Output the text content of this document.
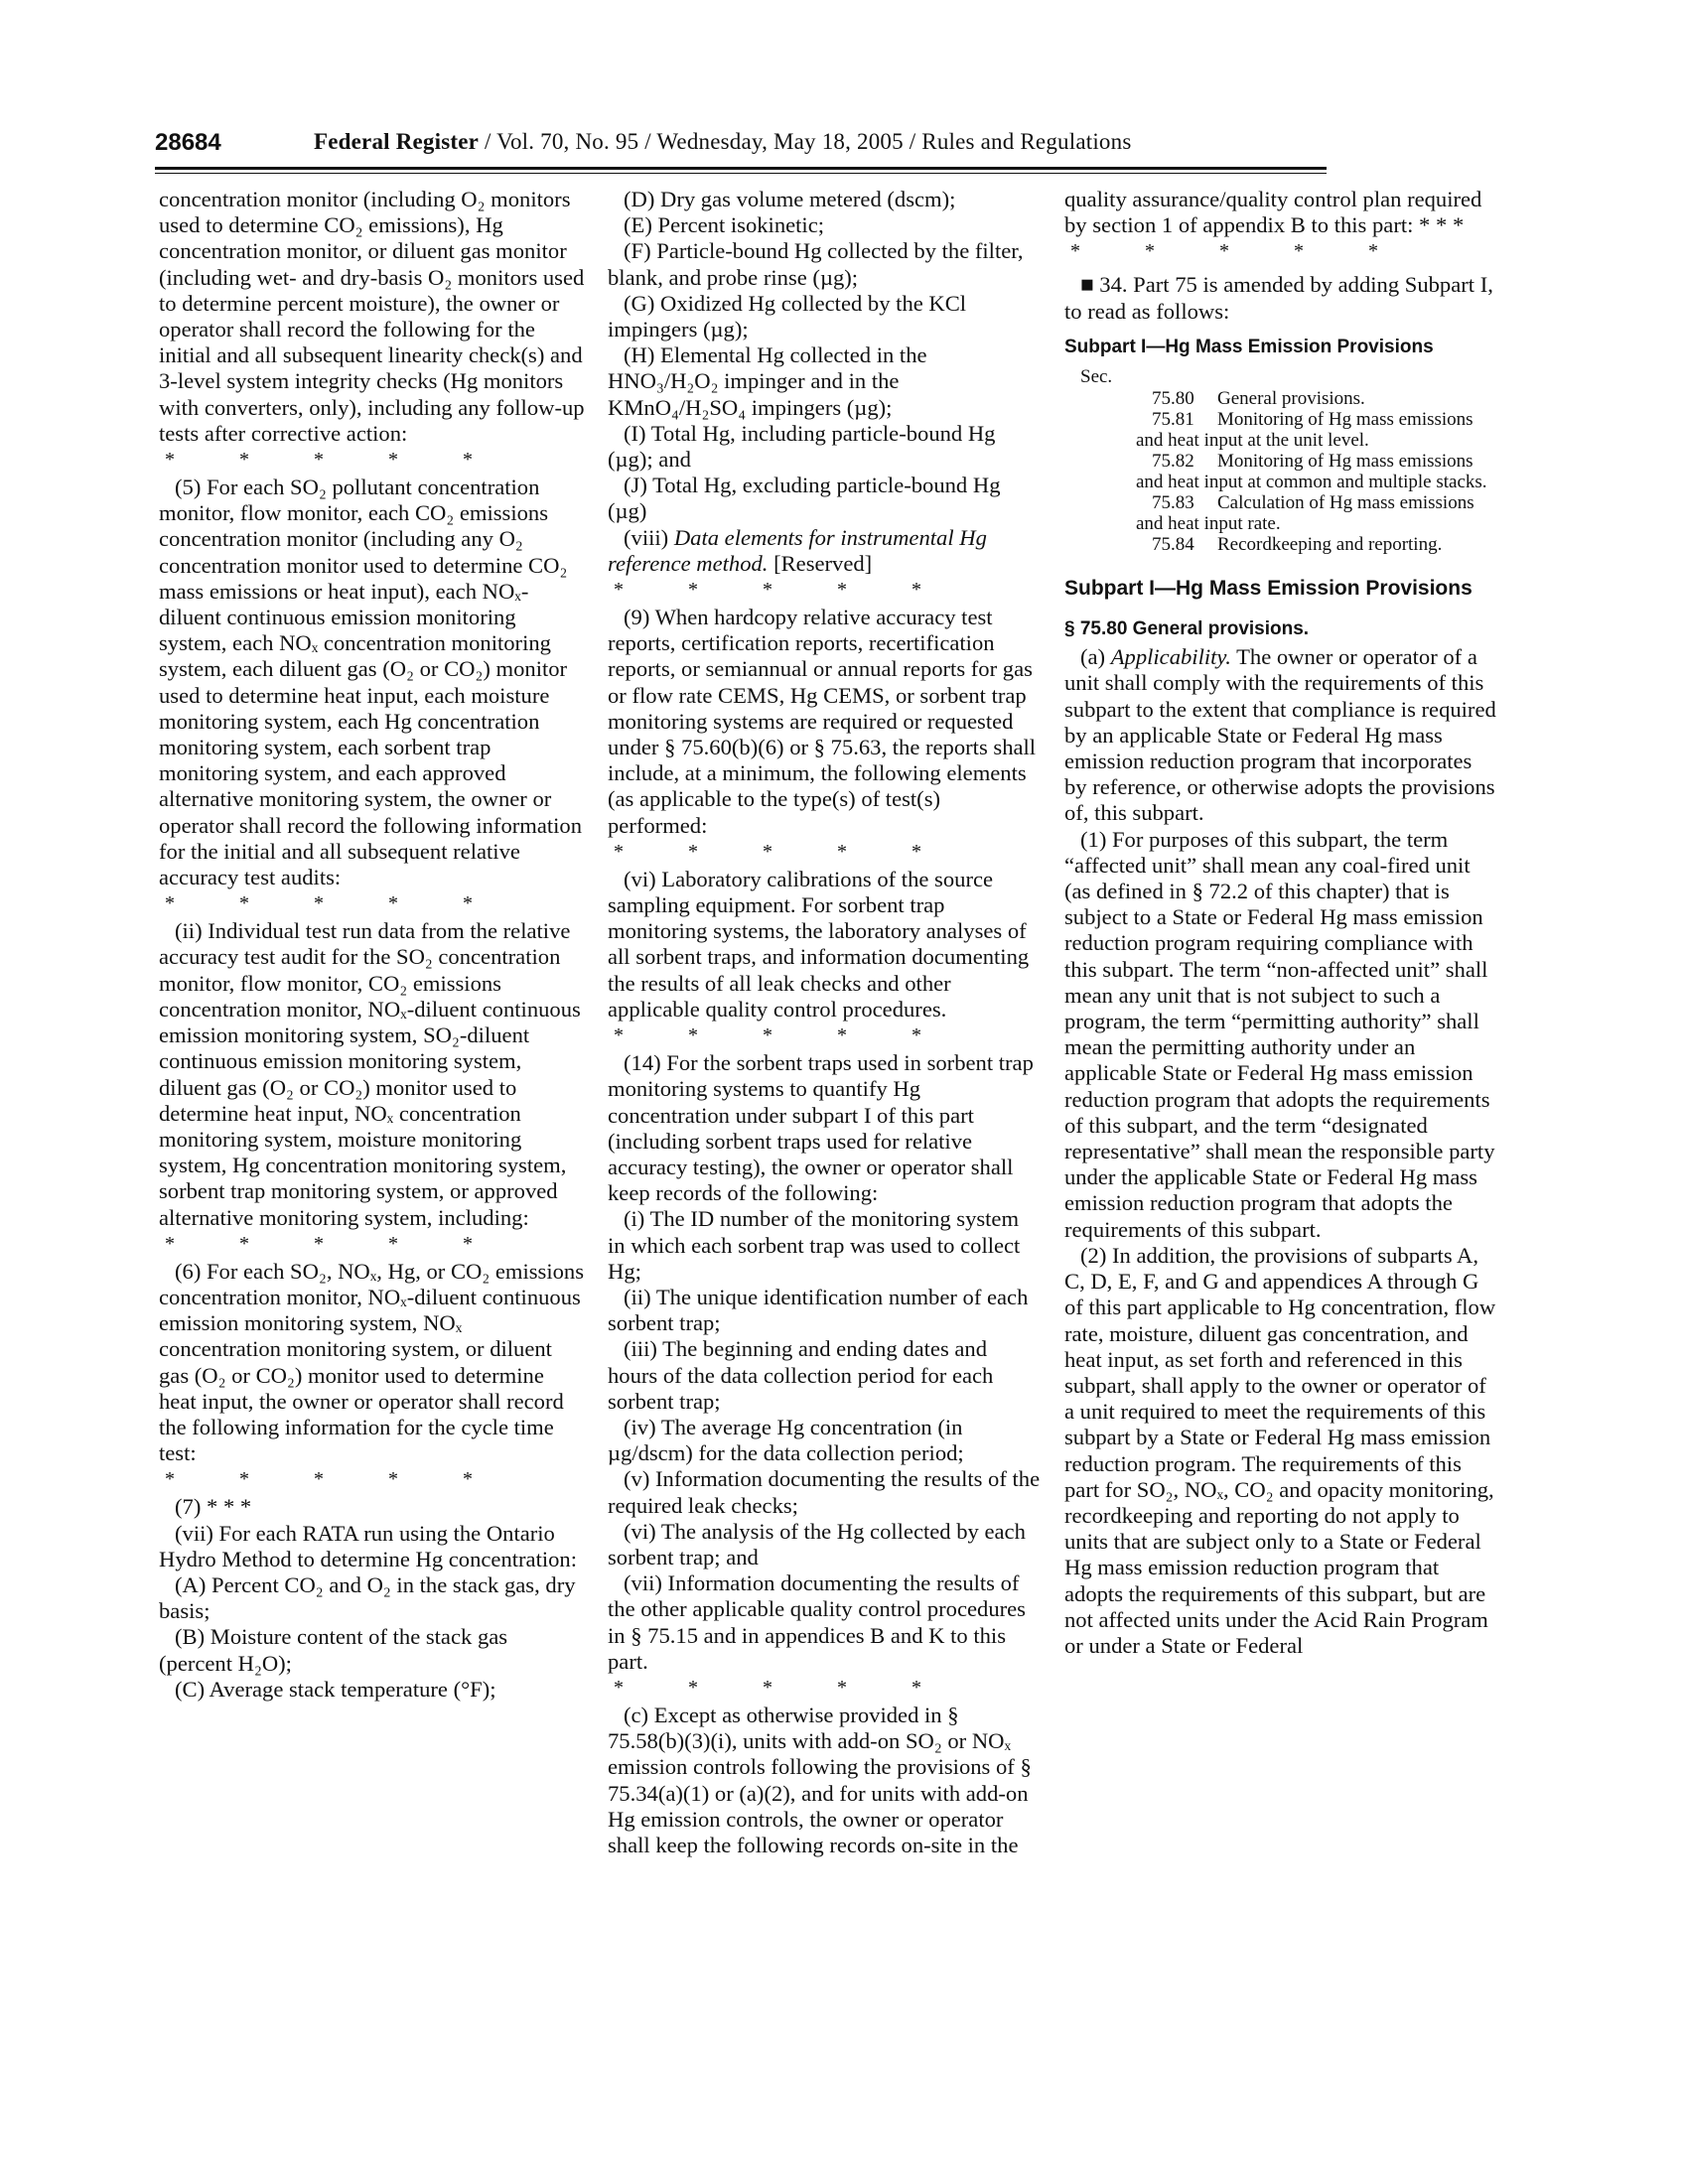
28684	Federal Register / Vol. 70, No. 95 / Wednesday, May 18, 2005 / Rules and Regulations

concentration monitor (including O₂ monitors used to determine CO₂ emissions), Hg concentration monitor, or diluent gas monitor (including wet- and dry-basis O₂ monitors used to determine percent moisture), the owner or operator shall record the following for the initial and all subsequent linearity check(s) and 3-level system integrity checks (Hg monitors with converters, only), including any follow-up tests after corrective action:

* * * * *

(5) For each SO₂ pollutant concentration monitor, flow monitor, each CO₂ emissions concentration monitor (including any O₂ concentration monitor used to determine CO₂ mass emissions or heat input), each NOₓ-diluent continuous emission monitoring system, each NOₓ concentration monitoring system, each diluent gas (O₂ or CO₂) monitor used to determine heat input, each moisture monitoring system, each Hg concentration monitoring system, each sorbent trap monitoring system, and each approved alternative monitoring system, the owner or operator shall record the following information for the initial and all subsequent relative accuracy test audits:

* * * * *

(ii) Individual test run data from the relative accuracy test audit for the SO₂ concentration monitor, flow monitor, CO₂ emissions concentration monitor, NOₓ-diluent continuous emission monitoring system, SO₂-diluent continuous emission monitoring system, diluent gas (O₂ or CO₂) monitor used to determine heat input, NOₓ concentration monitoring system, moisture monitoring system, Hg concentration monitoring system, sorbent trap monitoring system, or approved alternative monitoring system, including:

* * * * *

(6) For each SO₂, NOₓ, Hg, or CO₂ emissions concentration monitor, NOₓ-diluent continuous emission monitoring system, NOₓ concentration monitoring system, or diluent gas (O₂ or CO₂) monitor used to determine heat input, the owner or operator shall record the following information for the cycle time test:

* * * * *

(7) * * *

(vii) For each RATA run using the Ontario Hydro Method to determine Hg concentration:

(A) Percent CO₂ and O₂ in the stack gas, dry basis;

(B) Moisture content of the stack gas (percent H₂O);

(C) Average stack temperature (°F);

(D) Dry gas volume metered (dscm);

(E) Percent isokinetic;

(F) Particle-bound Hg collected by the filter, blank, and probe rinse (µg);

(G) Oxidized Hg collected by the KCl impingers (µg);

(H) Elemental Hg collected in the HNO₃/H₂O₂ impinger and in the KMnO₄/H₂SO₄ impingers (µg);

(I) Total Hg, including particle-bound Hg (µg); and

(J) Total Hg, excluding particle-bound Hg (µg)

(viii) Data elements for instrumental Hg reference method. [Reserved]

* * * * *

(9) When hardcopy relative accuracy test reports, certification reports, recertification reports, or semiannual or annual reports for gas or flow rate CEMS, Hg CEMS, or sorbent trap monitoring systems are required or requested under § 75.60(b)(6) or § 75.63, the reports shall include, at a minimum, the following elements (as applicable to the type(s) of test(s) performed:

* * * * *

(vi) Laboratory calibrations of the source sampling equipment. For sorbent trap monitoring systems, the laboratory analyses of all sorbent traps, and information documenting the results of all leak checks and other applicable quality control procedures.

* * * * *

(14) For the sorbent traps used in sorbent trap monitoring systems to quantify Hg concentration under subpart I of this part (including sorbent traps used for relative accuracy testing), the owner or operator shall keep records of the following:

(i) The ID number of the monitoring system in which each sorbent trap was used to collect Hg;

(ii) The unique identification number of each sorbent trap;

(iii) The beginning and ending dates and hours of the data collection period for each sorbent trap;

(iv) The average Hg concentration (in µg/dscm) for the data collection period;

(v) Information documenting the results of the required leak checks;

(vi) The analysis of the Hg collected by each sorbent trap; and

(vii) Information documenting the results of the other applicable quality control procedures in § 75.15 and in appendices B and K to this part.

* * * * *

(c) Except as otherwise provided in § 75.58(b)(3)(i), units with add-on SO₂ or NOₓ emission controls following the provisions of § 75.34(a)(1) or (a)(2), and for units with add-on Hg emission controls, the owner or operator shall keep the following records on-site in the

quality assurance/quality control plan required by section 1 of appendix B to this part: * * *

* * * * *

■ 34. Part 75 is amended by adding Subpart I, to read as follows:

Subpart I—Hg Mass Emission Provisions

Sec.

75.80 General provisions.

75.81 Monitoring of Hg mass emissions and heat input at the unit level.

75.82 Monitoring of Hg mass emissions and heat input at common and multiple stacks.

75.83 Calculation of Hg mass emissions and heat input rate.

75.84 Recordkeeping and reporting.

Subpart I—Hg Mass Emission Provisions
§ 75.80 General provisions.

(a) Applicability. The owner or operator of a unit shall comply with the requirements of this subpart to the extent that compliance is required by an applicable State or Federal Hg mass emission reduction program that incorporates by reference, or otherwise adopts the provisions of, this subpart.

(1) For purposes of this subpart, the term “affected unit” shall mean any coal-fired unit (as defined in § 72.2 of this chapter) that is subject to a State or Federal Hg mass emission reduction program requiring compliance with this subpart. The term “non-affected unit” shall mean any unit that is not subject to such a program, the term “permitting authority” shall mean the permitting authority under an applicable State or Federal Hg mass emission reduction program that adopts the requirements of this subpart, and the term “designated representative” shall mean the responsible party under the applicable State or Federal Hg mass emission reduction program that adopts the requirements of this subpart.

(2) In addition, the provisions of subparts A, C, D, E, F, and G and appendices A through G of this part applicable to Hg concentration, flow rate, moisture, diluent gas concentration, and heat input, as set forth and referenced in this subpart, shall apply to the owner or operator of a unit required to meet the requirements of this subpart by a State or Federal Hg mass emission reduction program. The requirements of this part for SO₂, NOₓ, CO₂ and opacity monitoring, recordkeeping and reporting do not apply to units that are subject only to a State or Federal Hg mass emission reduction program that adopts the requirements of this subpart, but are not affected units under the Acid Rain Program or under a State or Federal
